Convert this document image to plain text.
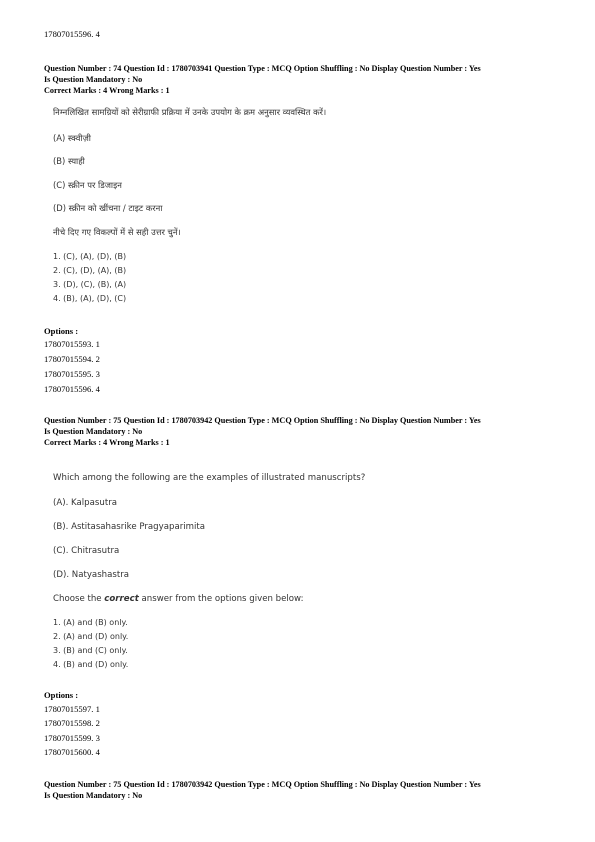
17807015596. 4
Question Number : 74 Question Id : 1780703941 Question Type : MCQ Option Shuffling : No Display Question Number : Yes
Is Question Mandatory : No
Correct Marks : 4 Wrong Marks : 1
निम्नलिखित सामग्रियों को सेरीग्राफी प्रक्रिया में उनके उपयोग के क्रम अनुसार व्यवस्थित करें।
(A) स्क्वीज़ी
(B) स्याही
(C) स्क्रीन पर डिजाइन
(D) स्क्रीन को खींचना / टाइट करना
नीचे दिए गए विकल्पों में से सही उत्तर चुनें।
1. (C), (A), (D), (B)
2. (C), (D), (A), (B)
3. (D), (C), (B), (A)
4. (B), (A), (D), (C)
Options :
17807015593. 1
17807015594. 2
17807015595. 3
17807015596. 4
Question Number : 75 Question Id : 1780703942 Question Type : MCQ Option Shuffling : No Display Question Number : Yes
Is Question Mandatory : No
Correct Marks : 4 Wrong Marks : 1
Which among the following are the examples of illustrated manuscripts?
(A). Kalpasutra
(B). Astitasahasrike Pragyaparimita
(C). Chitrasutra
(D). Natyashastra
Choose the correct answer from the options given below:
1. (A) and (B) only.
2. (A) and (D) only.
3. (B) and (C) only.
4. (B) and (D) only.
Options :
17807015597. 1
17807015598. 2
17807015599. 3
17807015600. 4
Question Number : 75 Question Id : 1780703942 Question Type : MCQ Option Shuffling : No Display Question Number : Yes
Is Question Mandatory : No
